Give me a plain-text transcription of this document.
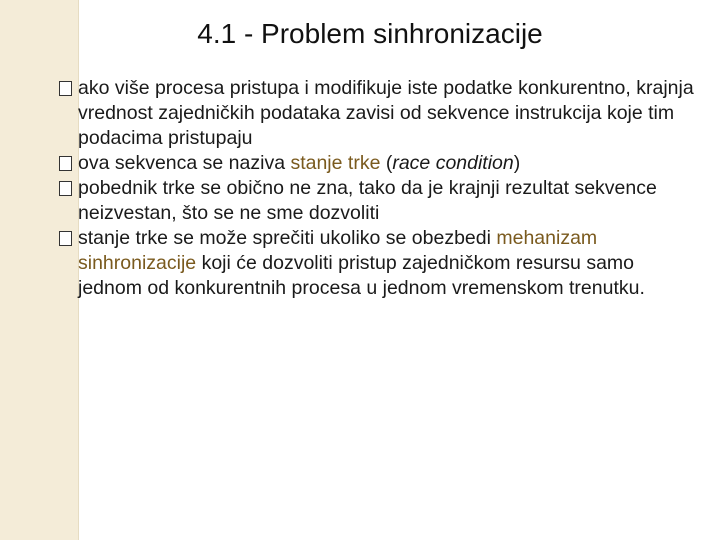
4.1 - Problem sinhronizacije
ako više procesa pristupa i modifikuje iste podatke konkurentno, krajnja vrednost zajedničkih podataka zavisi od sekvence instrukcija koje tim podacima pristupaju
ova sekvenca se naziva stanje trke (race condition)
pobednik trke se obično ne zna, tako da je krajnji rezultat sekvence neizvestan, što se ne sme dozvoliti
stanje trke se može sprečiti ukoliko se obezbedi mehanizam sinhronizacije koji će dozvoliti pristup zajedničkom resursu samo jednom od konkurentnih procesa u jednom vremenskom trenutku.
